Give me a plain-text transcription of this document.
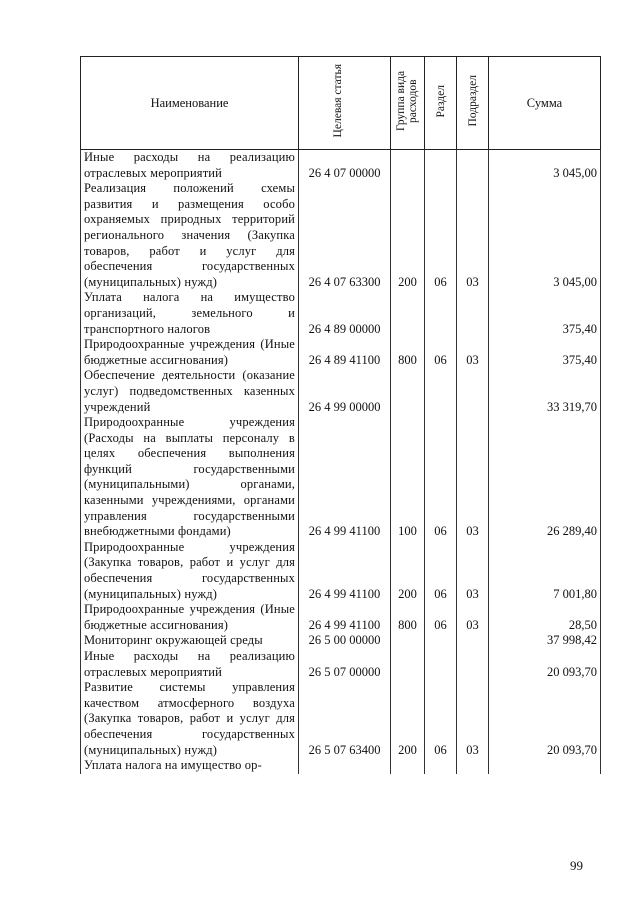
Наименование	Целевая статья	Группа вида расходов	Раздел	Подраздел	Сумма
Иные расходы на реализацию отраслевых мероприятий	26 4 07 00000				3 045,00
Реализация положений схемы развития и размещения особо охраняемых природных территорий регионального значения (Закупка товаров, работ и услуг для обеспечения государственных (муниципальных) нужд)	26 4 07 63300	200	06	03	3 045,00
Уплата налога на имущество организаций, земельного и транспортного налогов	26 4 89 00000				375,40
Природоохранные учреждения (Иные бюджетные ассигнования)	26 4 89 41100	800	06	03	375,40
Обеспечение деятельности (оказание услуг) подведомственных казенных учреждений	26 4 99 00000				33 319,70
Природоохранные учреждения (Расходы на выплаты персоналу в целях обеспечения выполнения функций государственными (муниципальными) органами, казенными учреждениями, органами управления государственными внебюджетными фондами)	26 4 99 41100	100	06	03	26 289,40
Природоохранные учреждения (Закупка товаров, работ и услуг для обеспечения государственных (муниципальных) нужд)	26 4 99 41100	200	06	03	7 001,80
Природоохранные учреждения (Иные бюджетные ассигнования)	26 4 99 41100	800	06	03	28,50
Мониторинг окружающей среды	26 5 00 00000				37 998,42
Иные расходы на реализацию отраслевых мероприятий	26 5 07 00000				20 093,70
Развитие системы управления качеством атмосферного воздуха (Закупка товаров, работ и услуг для обеспечения государственных (муниципальных) нужд)	26 5 07 63400	200	06	03	20 093,70
Уплата налога на имущество ор-					
99
